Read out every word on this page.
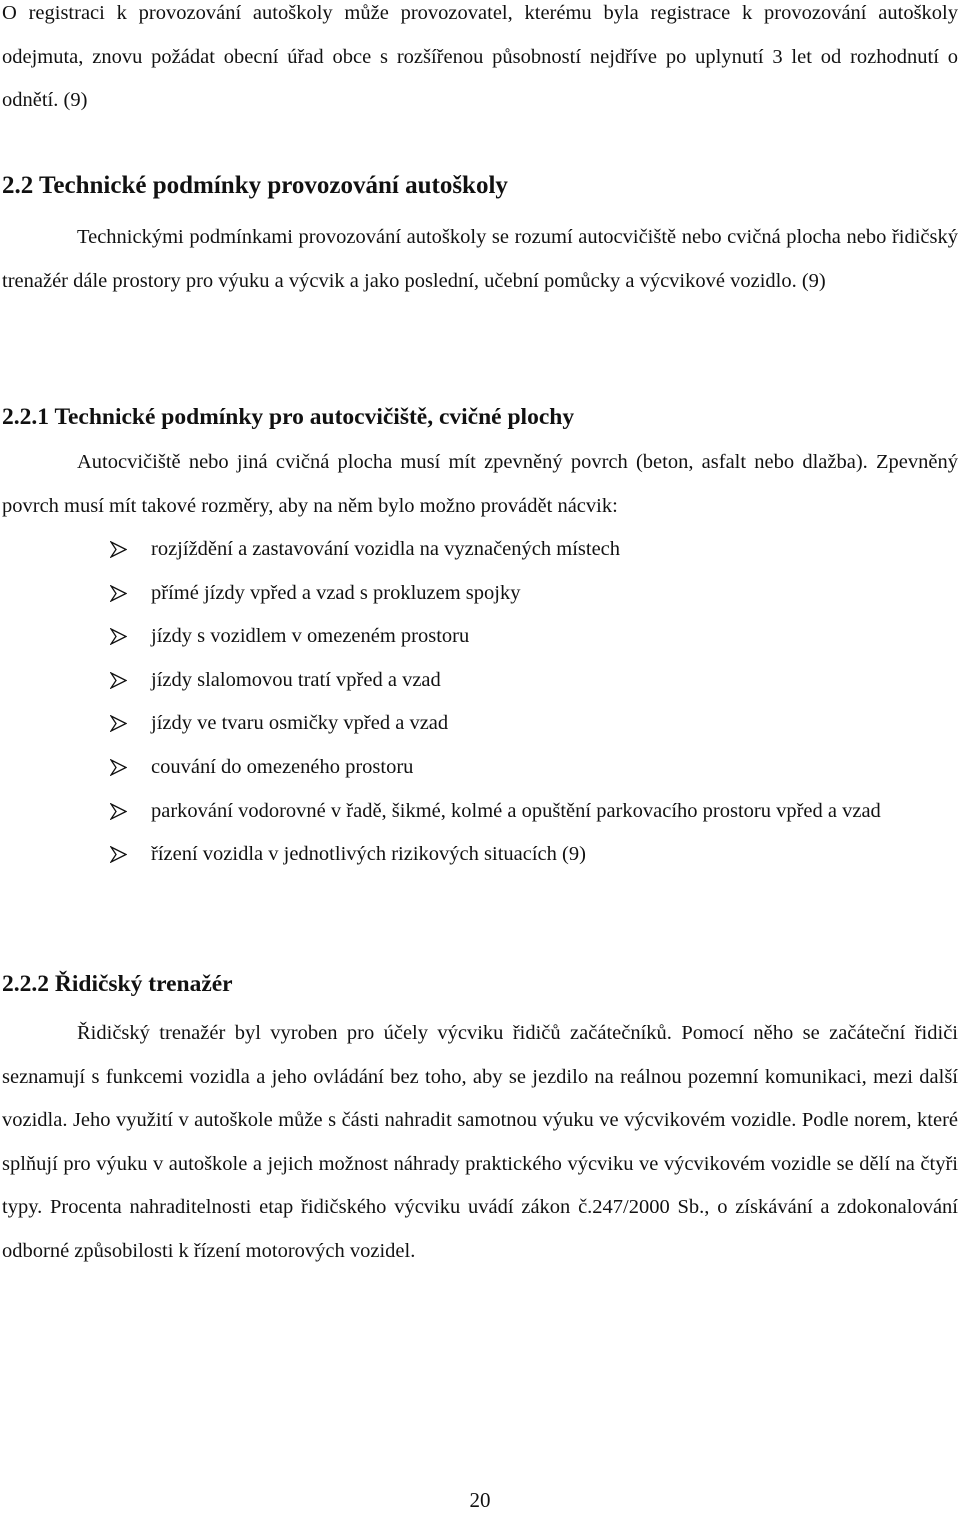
O registraci k provozování autoškoly může provozovatel, kterému byla registrace k provozování autoškoly odejmuta, znovu požádat obecní úřad obce s rozšířenou působností nejdříve po uplynutí 3 let od rozhodnutí o odnětí. (9)

2.2 Technické podmínky provozování autoškoly

Technickými podmínkami provozování autoškoly se rozumí autocvičiště nebo cvičná plocha nebo řidičský trenažér dále prostory pro výuku a výcvik a jako poslední, učební pomůcky a výcvikové vozidlo. (9)

2.2.1 Technické podmínky pro autocvičiště, cvičné plochy

Autocvičiště nebo jiná cvičná plocha musí mít zpevněný povrch (beton, asfalt nebo dlažba). Zpevněný povrch musí mít takové rozměry, aby na něm bylo možno provádět nácvik:

rozjíždění a zastavování vozidla na vyznačených místech
přímé jízdy vpřed a vzad s prokluzem spojky
jízdy s vozidlem v omezeném prostoru
jízdy slalomovou tratí vpřed a vzad
jízdy ve tvaru osmičky vpřed a vzad
couvání do omezeného prostoru
parkování vodorovné v řadě, šikmé, kolmé a opuštění parkovacího prostoru vpřed a vzad
řízení vozidla v jednotlivých rizikových situacích (9)
2.2.2 Řidičský trenažér

Řidičský trenažér byl vyroben pro účely výcviku řidičů začátečníků. Pomocí něho se začáteční řidiči seznamují s funkcemi vozidla a jeho ovládání bez toho, aby se jezdilo na reálnou pozemní komunikaci, mezi další vozidla. Jeho využití v autoškole může s části nahradit samotnou výuku ve výcvikovém vozidle. Podle norem, které splňují pro výuku v autoškole a jejich možnost náhrady praktického výcviku ve výcvikovém vozidle se dělí na čtyři typy. Procenta nahraditelnosti etap řidičského výcviku uvádí zákon č.247/2000 Sb., o získávání a zdokonalování odborné způsobilosti k řízení motorových vozidel.

20
